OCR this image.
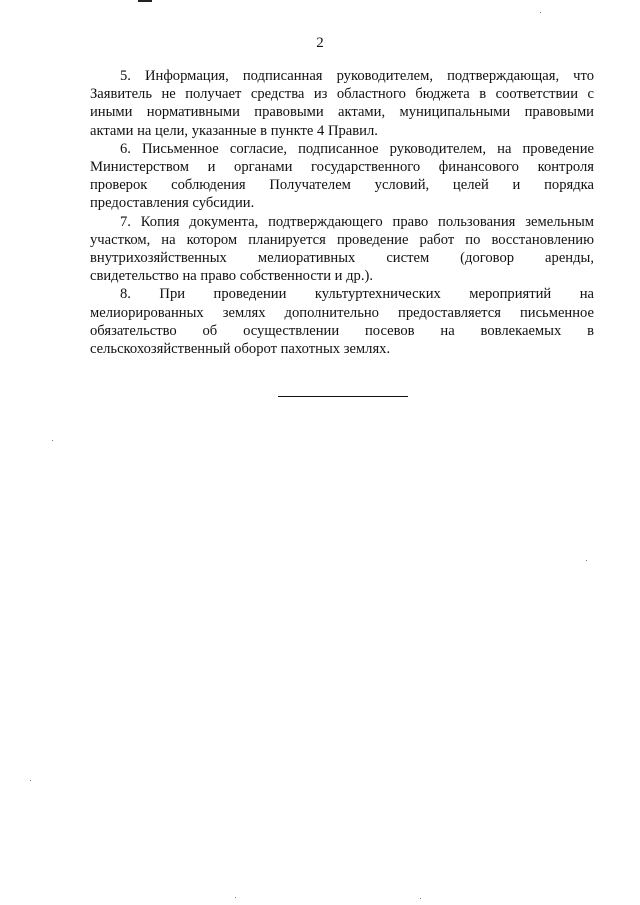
2
5. Информация, подписанная руководителем, подтверждающая, что
Заявитель не получает средства из областного бюджета в соответствии с
иными нормативными правовыми актами, муниципальными правовыми
актами на цели, указанные в пункте 4 Правил.
6. Письменное согласие, подписанное руководителем, на проведение
Министерством и органами государственного финансового контроля
проверок соблюдения Получателем условий, целей и порядка
предоставления субсидии.
7. Копия документа, подтверждающего право пользования земельным
участком, на котором планируется проведение работ по восстановлению
внутрихозяйственных мелиоративных систем (договор аренды,
свидетельство на право собственности и др.).
8. При проведении культуртехнических мероприятий на
мелиорированных землях дополнительно предоставляется письменное
обязательство об осуществлении посевов на вовлекаемых в
сельскохозяйственный оборот пахотных землях.
